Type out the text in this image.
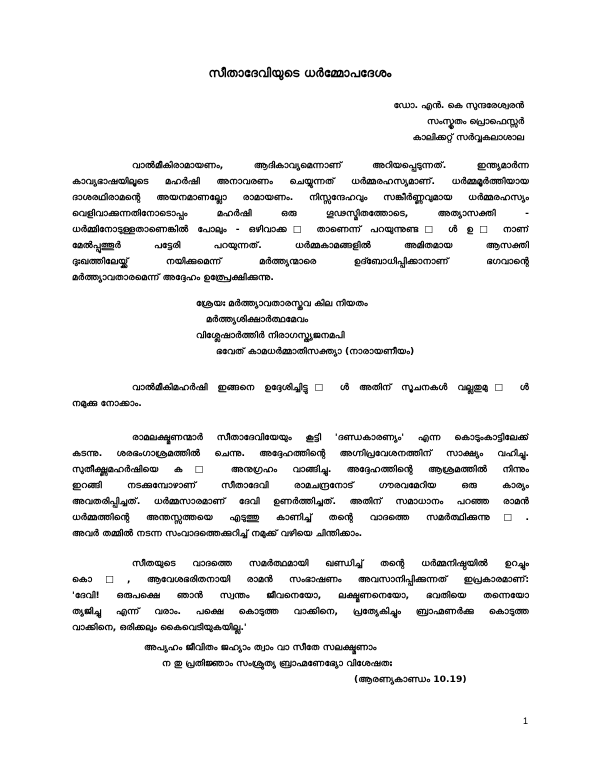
സീതാദേവിയുടെ ധർമ്മോപദേശം
ഡോ. എൻ. കെ സുന്ദരേശ്വരൻ
സംസ്കൃതം പ്രൊഫെസ്സർ
കാലിക്കറ്റ് സർവ്വകലാശാല
വാൽമീകിരാമായണം, ആദികാവ്യമെന്നാണ് അറിയപ്പെടുന്നത്. ഇന്ത്യമാർന്ന
കാവ്യഭാഷയിലൂടെ മഹർഷി അനാവരണം ചെയ്യുന്നത് ധർമ്മരഹസ്യമാണ്. ധർമ്മമൂർത്തിയായ
ദാശരഥിരാമന്റെ അയനമാണല്ലോ രാമായണം. നിസ്സന്ദേഹവും സങ്കീർണ്ണവുമായ ധർമ്മരഹസ്യം
വെളിവാക്കുന്നതിനോടൊപ്പം മഹർഷി ഒരു ഗൂഢസ്മിതത്തോടെ, അത്യാസക്തി -
ധർമ്മിനോടുള്ളതാണെങ്കിൽ പോലും - ഒഴിവാക്ക□ താണെന്ന് പറയുന്നുണ്ട□ ൾ ഉ□ നാണ്
മേൽപ്പുത്തൂർ പട്ടേരി പറയുന്നത്. ധർമ്മകാമങ്ങളിൽ അമിതമായ ആസക്തി
ദുഃഖത്തിലേയ്ക്ക് നയിക്കുമെന്ന് മർത്ത്യന്മാരെ ഉദ്ബോധിപ്പിക്കാനാണ് ഭഗവാന്റെ
മർത്ത്യാവതാരമെന്ന് അദ്ദേഹം ഉത്പ്രേക്ഷിക്കുന്നു.
ശ്രേയഃ മർത്ത്യാവതാരസ്തവ കില നിയതം
മർത്ത്യശിക്ഷാർത്ഥമേവം
വിശ്ലേഷാർത്തിർ നിരാഗസ്ത്യജനമപി
ഭവേത് കാമധർമ്മാതിസക്ത്യാ (നാരായണീയം)
വാൽമീകിമഹർഷി ഇങ്ങനെ ഉദ്ദേശിച്ചിട്ടു□ ൾ അതിന് സൂചനകൾ വല്ലതുമു□ ൾ
നമുക്കു നോക്കാം.
രാമലക്ഷ്മണന്മാർ സീതാദേവിയേയും കൂട്ടി 'ദണ്ഡകാരണ്യം' എന്ന കൊടുംകാട്ടിലേക്ക്
കടന്നു. ശരഭംഗാശ്രമത്തിൽ ചെന്നു. അദ്ദേഹത്തിന്റെ അഗ്നിപ്രവേശനത്തിന് സാക്ഷ്യം വഹിച്ചു.
സുതീക്ഷ്ണമഹർഷിയെ ക□ അനുഗ്രഹം വാങ്ങിച്ചു. അദ്ദേഹത്തിന്റെ ആശ്രമത്തിൽ നിന്നും
ഇറങ്ങി നടക്കുമ്പോഴാണ് സീതാദേവി രാമചന്ദ്രനോട് ഗൗരവമേറിയ ഒരു കാര്യം
അവതരിപ്പിച്ചത്. ധർമ്മസാരമാണ് ദേവി ഉണർത്തിച്ചത്. അതിന് സമാധാനം പറഞ്ഞ രാമൻ
ധർമ്മത്തിന്റെ അന്തസ്സത്തയെ എടുത്തു കാണിച്ച് തന്റെ വാദത്തെ സമർത്ഥിക്കുന്നു□.
അവർ തമ്മിൽ നടന്ന സംവാദത്തെക്കുറിച്ച് നമുക്ക് വഴിയെ ചിന്തിക്കാം.
സീതയുടെ വാദത്തെ സമർത്ഥമായി ഖണ്ഡിച്ച് തന്റെ ധർമ്മനിഷ്ഠയിൽ ഉറച്ചും
കൊ□, ആവേശഭരിതനായി രാമൻ സംഭാഷണം അവസാനിപ്പിക്കുന്നത് ഇപ്രകാരമാണ്:
'ദേവി! ഒരുപക്ഷെ ഞാൻ സ്വന്തം ജീവനെയോ, ലക്ഷ്മണനെയോ, ഭവതിയെ തന്നെയോ
ത്യജിച്ചു എന്ന് വരാം. പക്ഷെ കൊടുത്ത വാക്കിനെ, പ്രത്യേകിച്ചും ബ്രാഹ്മണർക്കു കൊടുത്ത
വാക്കിനെ, ഒരിക്കലും കൈവെടിയുകയില്ല.'
അപ്യഹം ജീവിതം ജഹ്യാം ത്വാം വാ സീതേ സലക്ഷ്മണാം
ന തു പ്രതിജ്ഞാം സംശ്രുത്യ ബ്രാഹ്മണേഭ്യോ വിശേഷതഃ
(ആരണ്യകാണ്ഡം 10.19)
1
